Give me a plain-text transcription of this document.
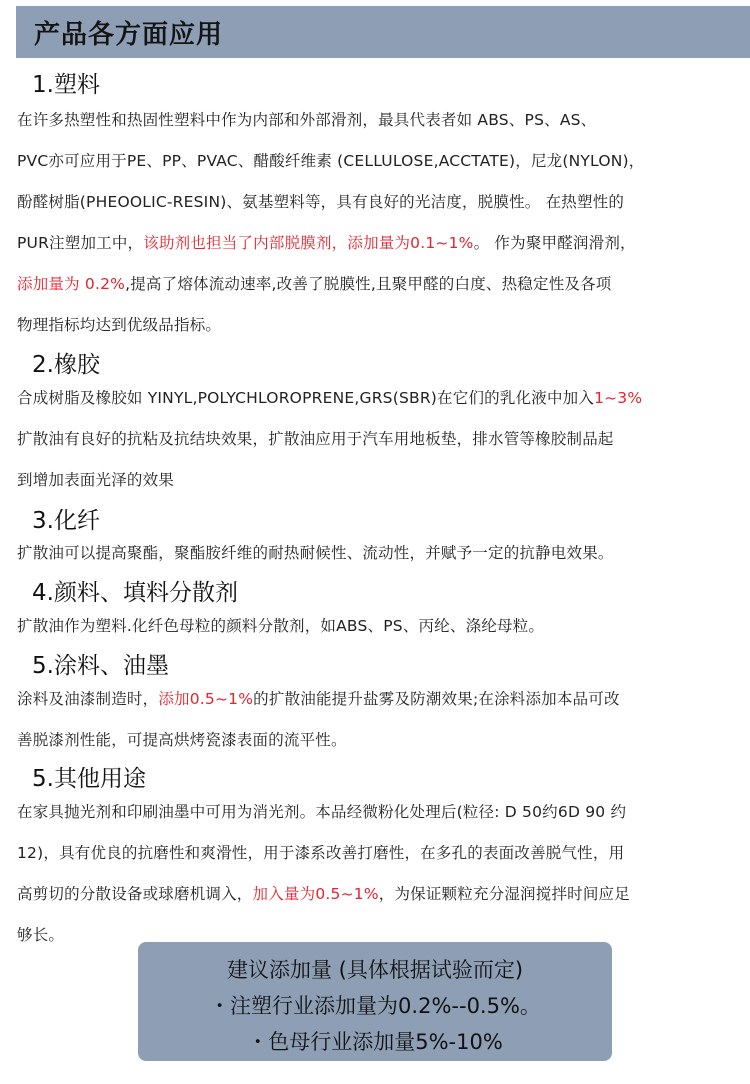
产品各方面应用
1.塑料
在许多热塑性和热固性塑料中作为内部和外部滑剂，最具代表者如 ABS、PS、AS、
PVC亦可应用于PE、PP、PVAC、醋酸纤维素 (CELLULOSE,ACCTATE)，尼龙(NYLON)，
酚醛树脂(PHEOOLIC-RESIN)、氨基塑料等，具有良好的光洁度，脱膜性。 在热塑性的
PUR注塑加工中，该助剂也担当了内部脱膜剂，添加量为0.1~1%。 作为聚甲醛润滑剂，
添加量为 0.2%,提高了熔体流动速率,改善了脱膜性,且聚甲醛的白度、热稳定性及各项
物理指标均达到优级品指标。
2.橡胶
合成树脂及橡胶如 YINYL,POLYCHLOROPRENE,GRS(SBR)在它们的乳化液中加入1~3%
扩散油有良好的抗粘及抗结块效果，扩散油应用于汽车用地板垫，排水管等橡胶制品起
到增加表面光泽的效果
3.化纤
扩散油可以提高聚酯，聚酯胺纤维的耐热耐候性、流动性，并赋予一定的抗静电效果。
4.颜料、填料分散剂
扩散油作为塑料.化纤色母粒的颜料分散剂，如ABS、PS、丙纶、涤纶母粒。
5.涂料、油墨
涂料及油漆制造时，添加0.5~1%的扩散油能提升盐雾及防潮效果;在涂料添加本品可改
善脱漆剂性能，可提高烘烤瓷漆表面的流平性。
5.其他用途
在家具抛光剂和印刷油墨中可用为消光剂。本品经微粉化处理后(粒径: D 50约6D 90 约
12)，具有优良的抗磨性和爽滑性，用于漆系改善打磨性，在多孔的表面改善脱气性，用
高剪切的分散设备或球磨机调入，加入量为0.5~1%，为保证颗粒充分湿润搅拌时间应足
够长。
建议添加量 (具体根据试验而定)
・注塑行业添加量为0.2%--0.5%。
・色母行业添加量5%-10%
